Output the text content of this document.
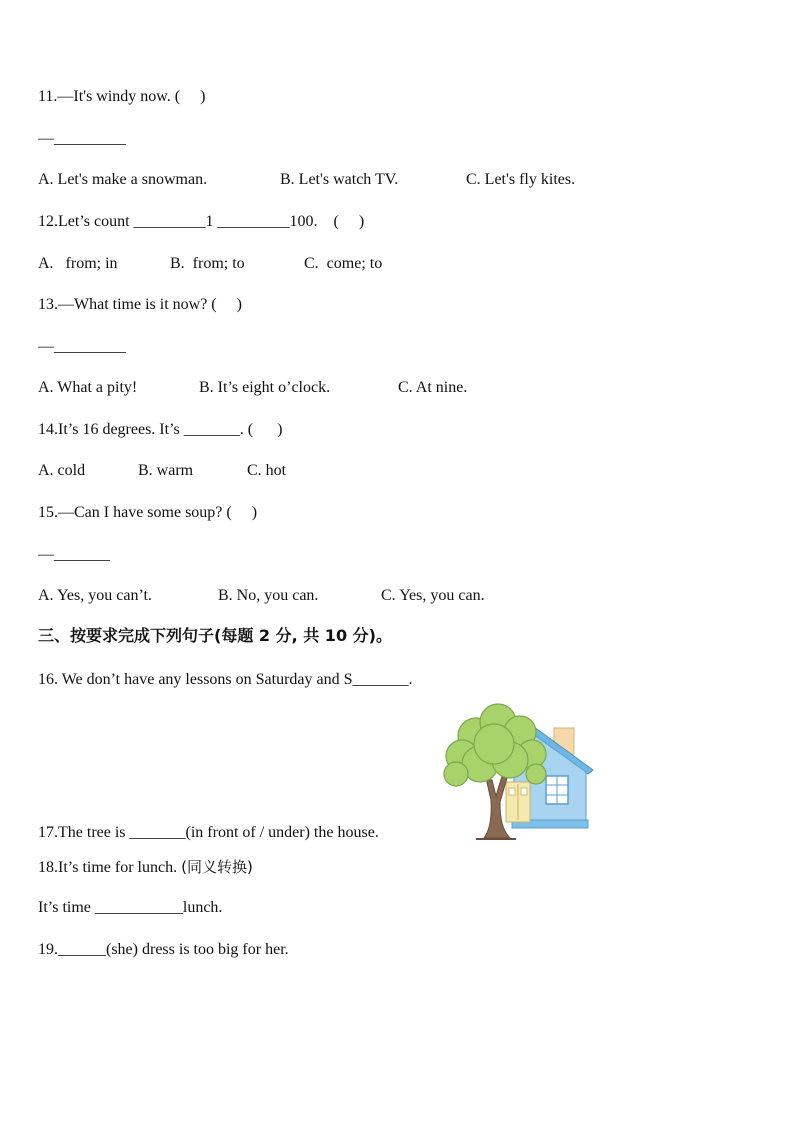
11.—It's windy now. (     )
—_________
A. Let's make a snowman.	B. Let's watch TV.	C. Let's fly kites.
12.Let’s count _________1 _________100.    (     )
A.   from; in	B.  from; to	C.  come; to
13.—What time is it now? (     )
—_________
A. What a pity!	B. It’s eight o’clock.	C. At nine.
14.It’s 16 degrees. It’s _______. (      )
A. cold	B. warm	C. hot
15.—Can I have some soup? (     )
—_______
A. Yes, you can’t.	B. No, you can.	C. Yes, you can.
三、按要求完成下列句子(每题 2 分, 共 10 分)。
16. We don’t have any lessons on Saturday and S_______.
17.The tree is _______(in front of / under) the house.
18.It’s time for lunch. (同义转换)
It’s time ___________lunch.
19.______(she) dress is too big for her.
